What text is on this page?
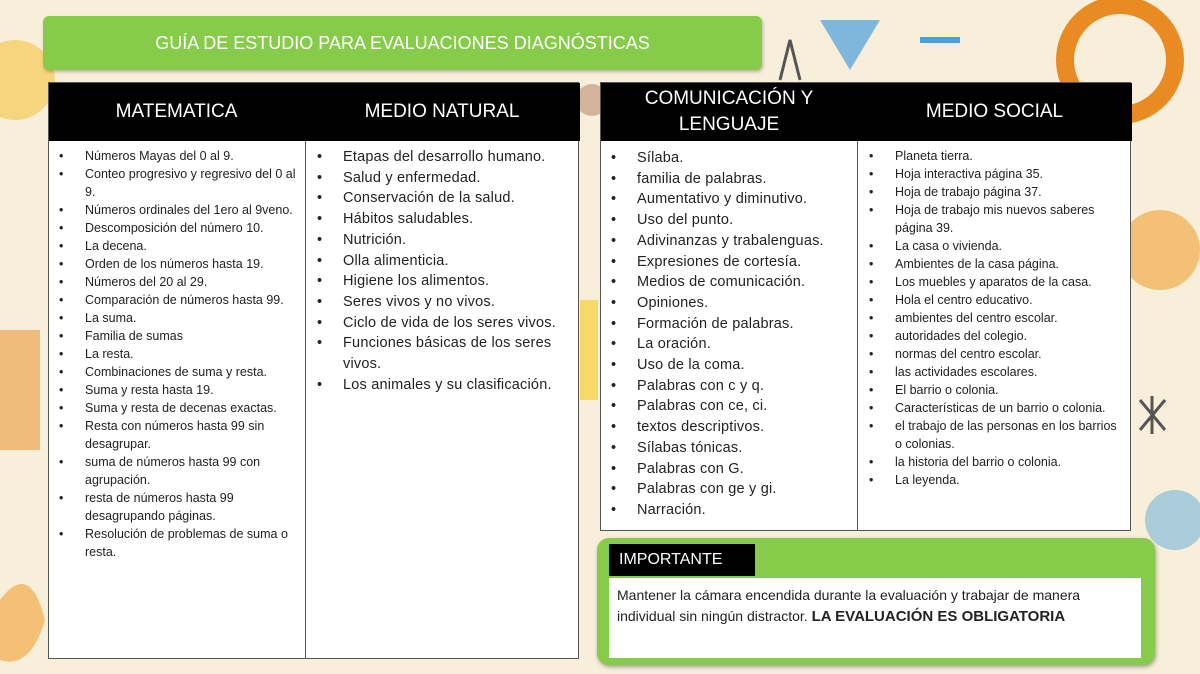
GUÍA DE ESTUDIO PARA EVALUACIONES DIAGNÓSTICAS
MATEMATICA	MEDIO NATURAL
• Números Mayas del 0 al 9.
• Conteo progresivo y regresivo del 0 al 9.
• Números ordinales del 1ero al 9veno.
• Descomposición del número 10.
• La decena.
• Orden de los números hasta 19.
• Números del 20 al 29.
• Comparación de números hasta 99.
• La suma.
• Familia de sumas
• La resta.
• Combinaciones de suma y resta.
• Suma y resta hasta 19.
• Suma y resta de decenas exactas.
• Resta con números hasta 99 sin desagrupar.
• suma de números hasta 99 con agrupación.
• resta de números hasta 99 desagrupando páginas.
• Resolución de problemas de suma o resta.
• Etapas del desarrollo humano.
• Salud y enfermedad.
• Conservación de la salud.
• Hábitos saludables.
• Nutrición.
• Olla alimenticia.
• Higiene los alimentos.
• Seres vivos y no vivos.
• Ciclo de vida de los seres vivos.
• Funciones básicas de los seres vivos.
• Los animales y su clasificación.
COMUNICACIÓN Y
LENGUAJE
MEDIO SOCIAL
• Sílaba.
• familia de palabras.
• Aumentativo y diminutivo.
• Uso del punto.
• Adivinanzas y trabalenguas.
• Expresiones de cortesía.
• Medios de comunicación.
• Opiniones.
• Formación de palabras.
• La oración.
• Uso de la coma.
• Palabras con c y q.
• Palabras con ce, ci.
• textos descriptivos.
• Sílabas tónicas.
• Palabras con G.
• Palabras con ge y gi.
• Narración.
• Planeta tierra.
• Hoja interactiva página 35.
• Hoja de trabajo página 37.
• Hoja de trabajo mis nuevos saberes página 39.
• La casa o vivienda.
• Ambientes de la casa página.
• Los muebles y aparatos de la casa.
• Hola el centro educativo.
• ambientes del centro escolar.
• autoridades del colegio.
• normas del centro escolar.
• las actividades escolares.
• El barrio o colonia.
• Características de un barrio o colonia.
• el trabajo de las personas en los barrios o colonias.
• la historia del barrio o colonia.
• La leyenda.
IMPORTANTE
Mantener la cámara encendida durante la evaluación y trabajar de manera individual sin ningún distractor. LA EVALUACIÓN ES OBLIGATORIA
